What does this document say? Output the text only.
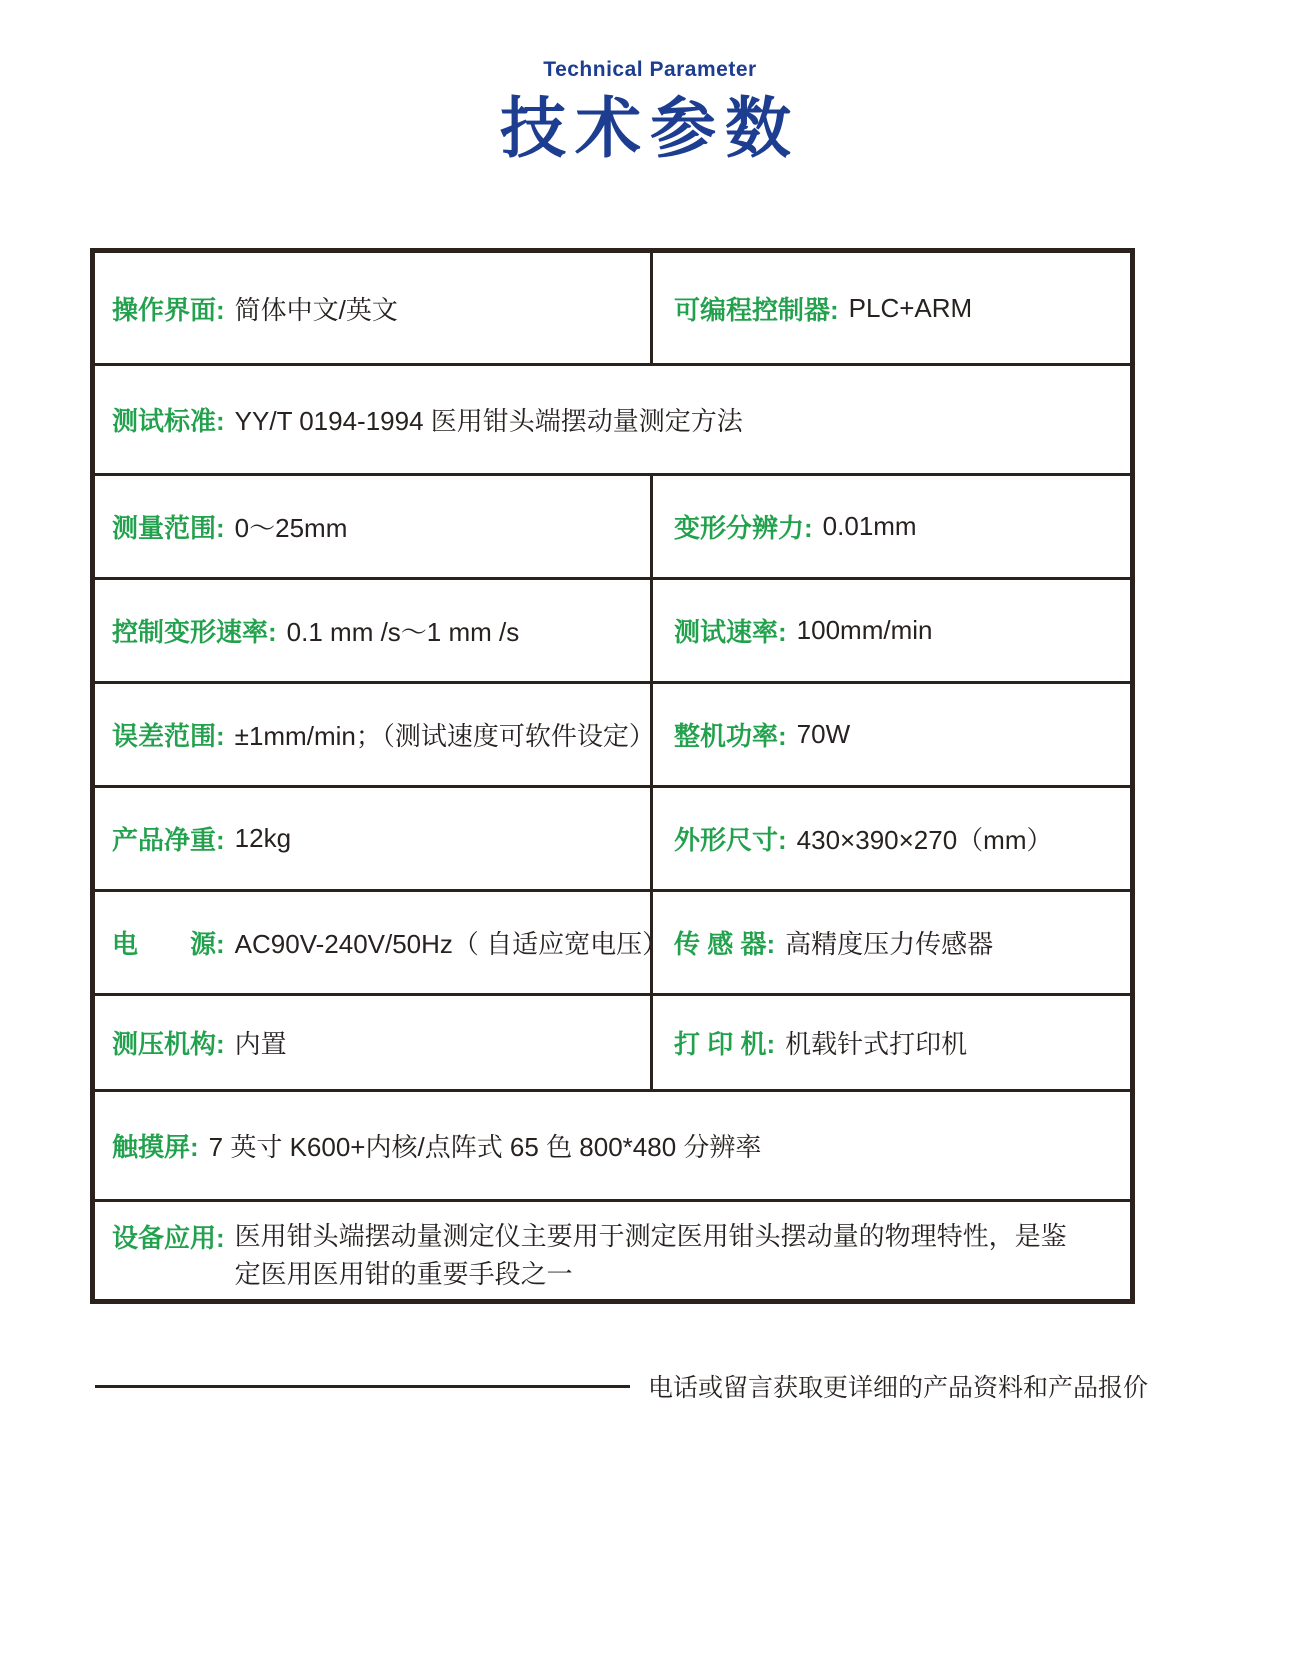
Technical Parameter
技术参数
操作界面: 简体中文/英文	可编程控制器: PLC+ARM
测试标准: YY/T 0194-1994 医用钳头端摆动量测定方法
测量范围: 0～25mm	变形分辨力: 0.01mm
控制变形速率: 0.1 mm /s～1 mm /s	测试速率: 100mm/min
误差范围: ±1mm/min；（测试速度可软件设定） 整机功率: 70W
产品净重: 12kg	外形尺寸: 430×390×270（mm）
电　　源: AC90V-240V/50Hz（ 自适应宽电压） 传 感 器: 高精度压力传感器
测压机构: 内置	打 印 机: 机载针式打印机
触摸屏: 7 英寸 K600+内核/点阵式 65 色 800*480 分辨率
设备应用: 医用钳头端摆动量测定仪主要用于测定医用钳头摆动量的物理特性，是鉴定医用医用钳的重要手段之一
电话或留言获取更详细的产品资料和产品报价
